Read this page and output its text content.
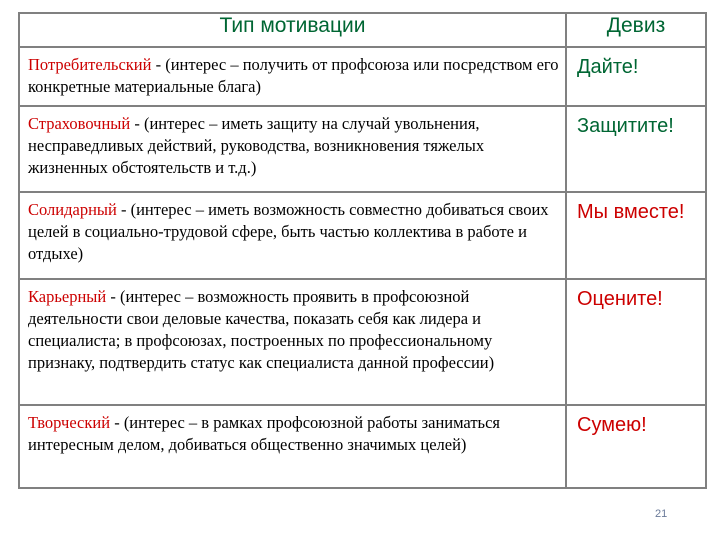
Тип мотивации	Девиз
Потребительский - (интерес – получить от профсоюза или посредством его конкретные материальные блага)	Дайте!
Страховочный - (интерес – иметь защиту на случай увольнения, несправедливых действий, руководства, возникновения тяжелых жизненных обстоятельств и т.д.)	Защитите!
Солидарный - (интерес – иметь возможность совместно добиваться своих целей в социально-трудовой сфере, быть частью коллектива в работе и отдыхе)	Мы вместе!
Карьерный - (интерес – возможность проявить в профсоюзной деятельности свои деловые качества, показать себя как лидера и специалиста; в профсоюзах, построенных по профессиональному признаку, подтвердить статус как специалиста данной профессии)	Оцените!
Творческий - (интерес – в рамках профсоюзной работы заниматься интересным делом, добиваться общественно значимых целей)	Сумею!
21
